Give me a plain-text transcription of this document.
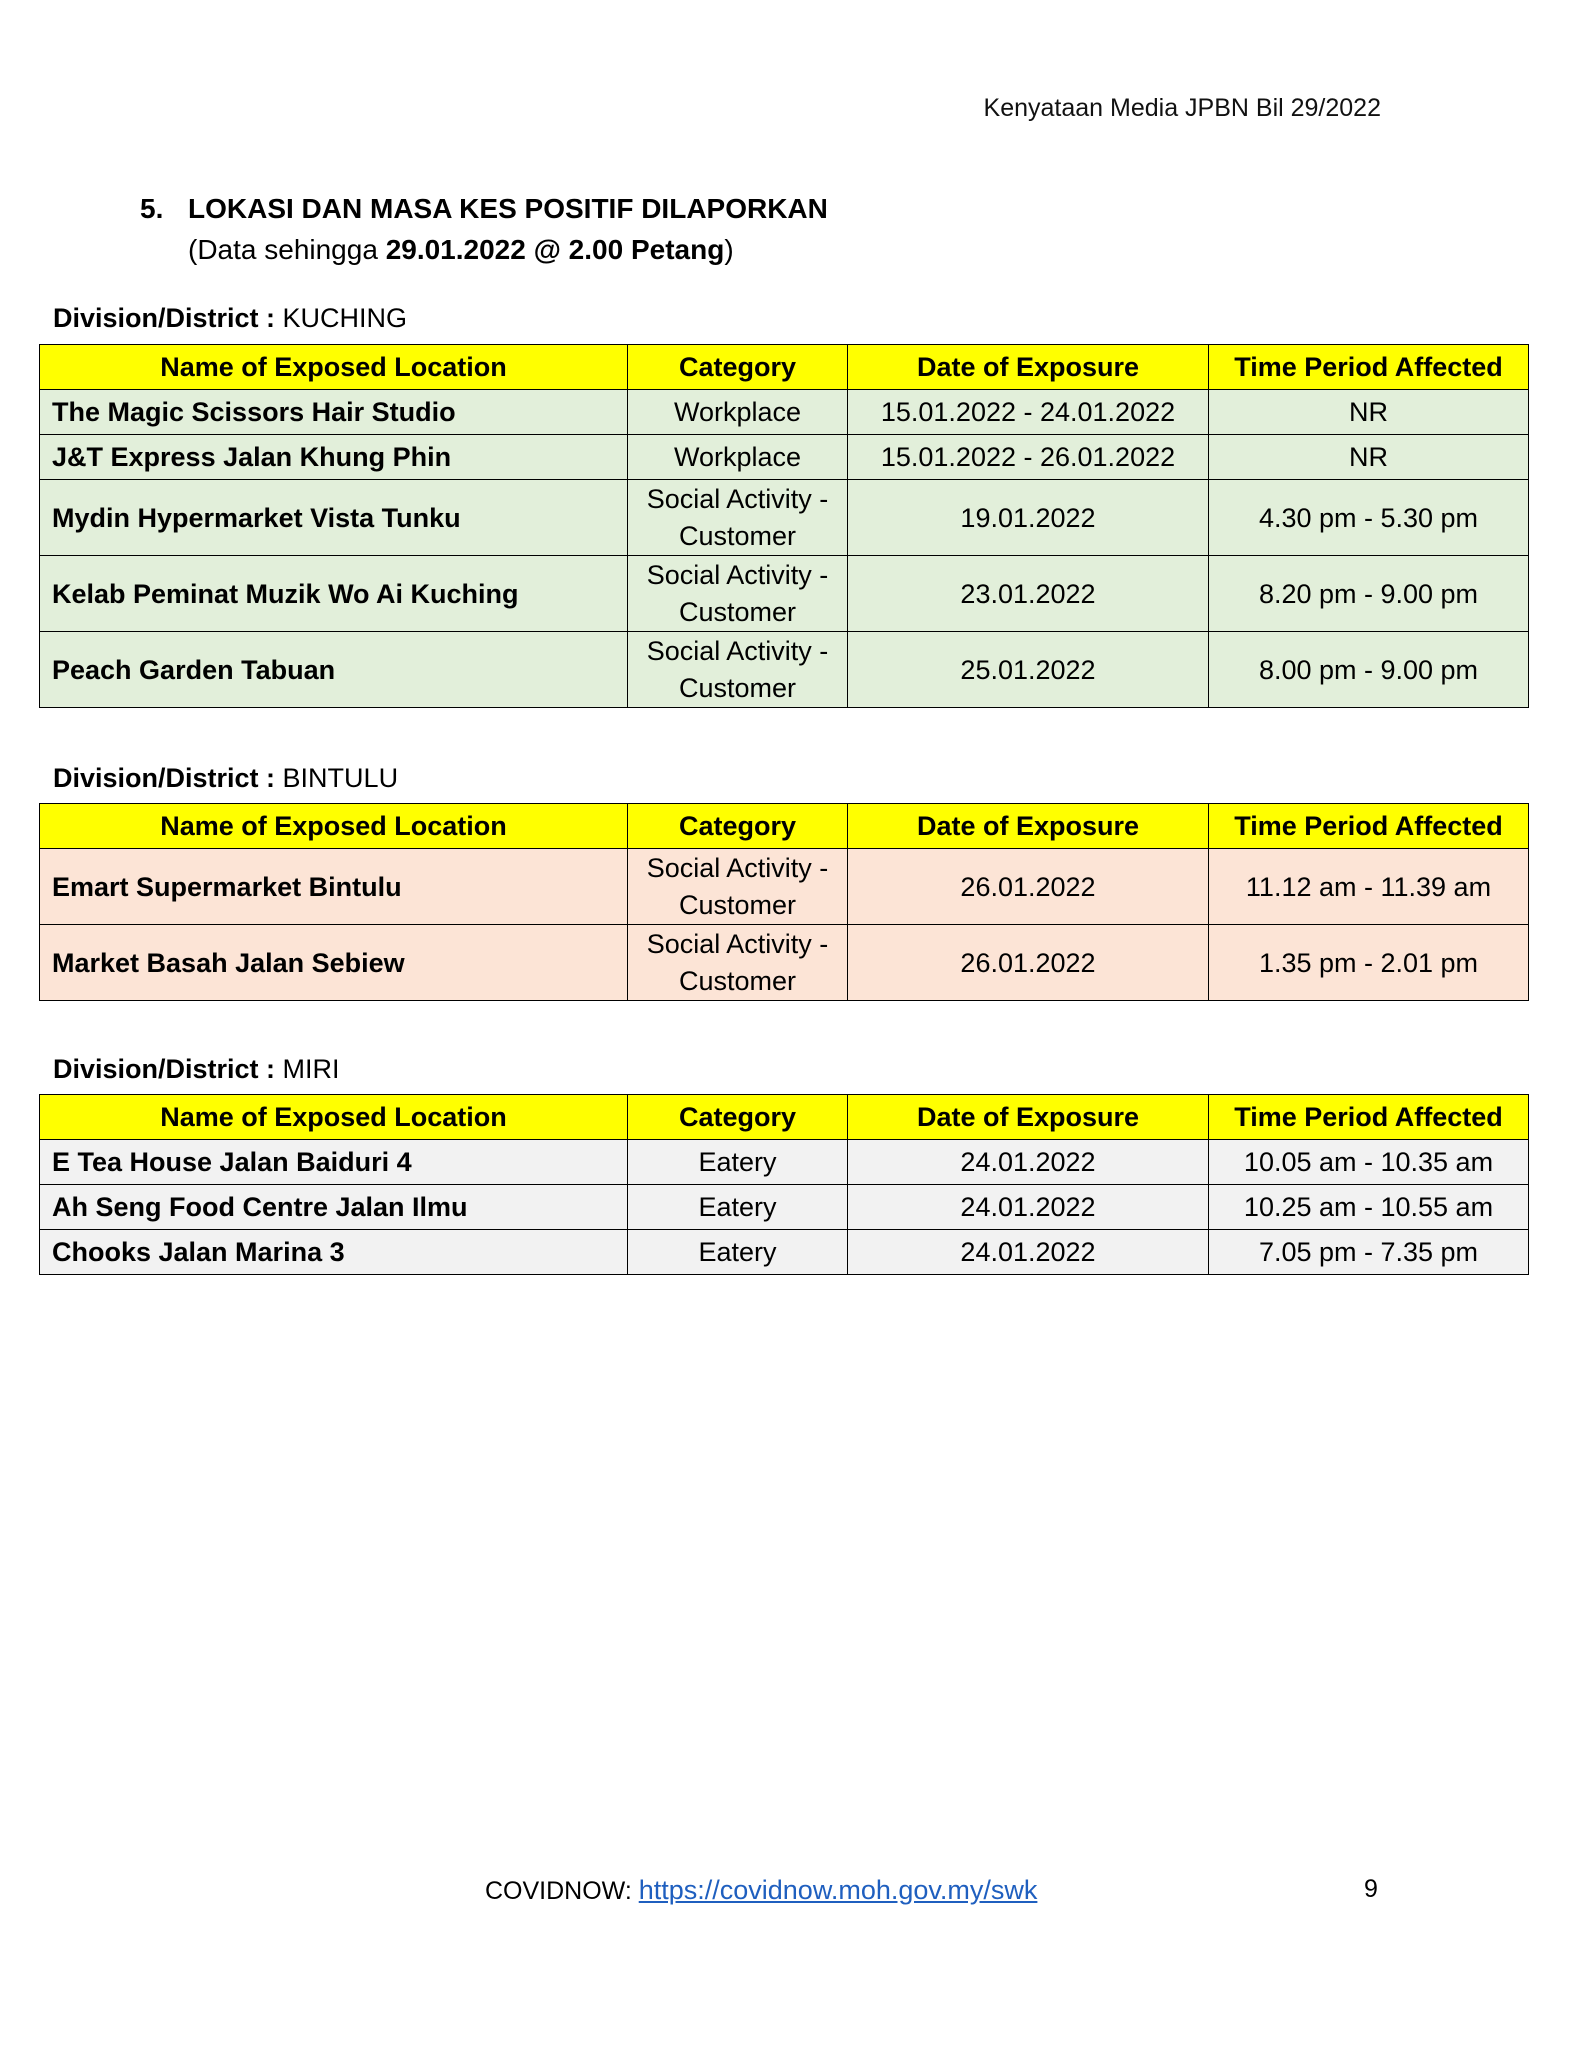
Kenyataan Media JPBN Bil 29/2022
5. LOKASI DAN MASA KES POSITIF DILAPORKAN
(Data sehingga 29.01.2022 @ 2.00 Petang)
Division/District : KUCHING
Name of Exposed Location	Category	Date of Exposure	Time Period Affected
The Magic Scissors Hair Studio	Workplace	15.01.2022 - 24.01.2022	NR
J&T Express Jalan Khung Phin	Workplace	15.01.2022 - 26.01.2022	NR
Mydin Hypermarket Vista Tunku	Social Activity - Customer	19.01.2022	4.30 pm - 5.30 pm
Kelab Peminat Muzik Wo Ai Kuching	Social Activity - Customer	23.01.2022	8.20 pm - 9.00 pm
Peach Garden Tabuan	Social Activity - Customer	25.01.2022	8.00 pm - 9.00 pm
Division/District : BINTULU
Name of Exposed Location	Category	Date of Exposure	Time Period Affected
Emart Supermarket Bintulu	Social Activity - Customer	26.01.2022	11.12 am - 11.39 am
Market Basah Jalan Sebiew	Social Activity - Customer	26.01.2022	1.35 pm - 2.01 pm
Division/District : MIRI
Name of Exposed Location	Category	Date of Exposure	Time Period Affected
E Tea House Jalan Baiduri 4	Eatery	24.01.2022	10.05 am - 10.35 am
Ah Seng Food Centre Jalan Ilmu	Eatery	24.01.2022	10.25 am - 10.55 am
Chooks Jalan Marina 3	Eatery	24.01.2022	7.05 pm - 7.35 pm
COVIDNOW: https://covidnow.moh.gov.my/swk	9
